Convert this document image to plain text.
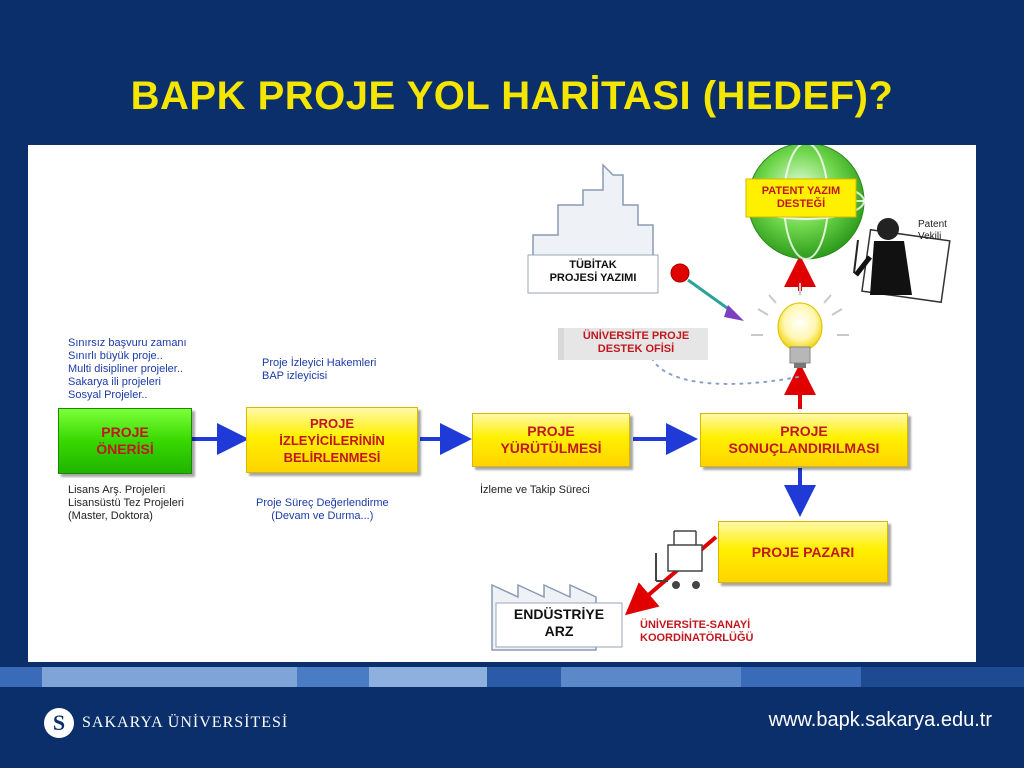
BAPK PROJE YOL HARİTASI (HEDEF)?
Sınırsız başvuru zamanı
Sınırlı büyük proje..
Multi disipliner projeler..
Sakarya ili projeleri
Sosyal Projeler..
Lisans Arş. Projeleri
Lisansüstü Tez Projeleri
(Master, Doktora)
Proje İzleyici Hakemleri
BAP izleyicisi
Proje Süreç Değerlendirme
(Devam ve Durma...)
İzleme ve Takip Süreci
PROJE
ÖNERİSİ
PROJE
İZLEYİCİLERİNİN
BELİRLENMESİ
PROJE
YÜRÜTÜLMESİ
PROJE
SONUÇLANDIRILMASI
PROJE PAZARI
TÜBİTAK
PROJESİ YAZIMI
PATENT YAZIM
DESTEĞİ
Patent
Vekili
ÜNİVERSİTE PROJE
DESTEK OFİSİ
ENDÜSTRİYE
ARZ	ÜNİVERSİTE-SANAYİ
KOORDİNATÖRLÜĞÜ
S	SAKARYA ÜNİVERSİTESİ	www.bapk.sakarya.edu.tr
